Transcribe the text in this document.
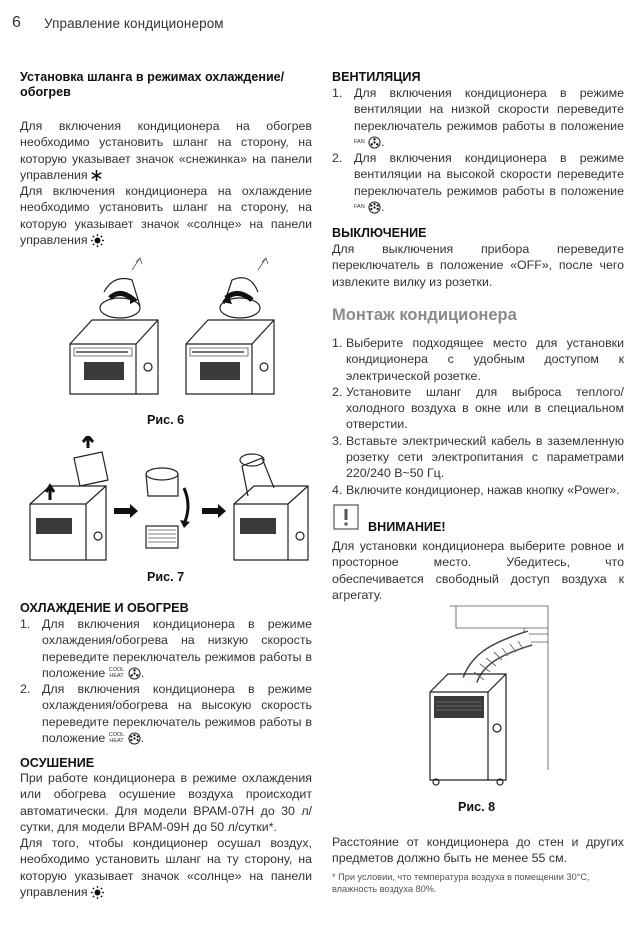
6 Управление кондиционером
Установка шланга в режимах охлаждение/обогрев

Для включения кондиционера на обогрев необходимо установить шланг на сторону, на которую указывает значок «снежинка» на панели управления

Для включения кондиционера на охлаждение необходимо установить шланг на сторону, на которую указывает значок «солнце» на панели управления

Рис. 6
Рис. 7
ОХЛАЖДЕНИЕ И ОБОГРЕВ
1. Для включения кондиционера в режиме охлаждения/обогрева на низкую скорость переведите переключатель режимов работы в положение COOL
HEAT .
2. Для включения кондиционера в режиме охлаждения/обогрева на высокую скорость переведите переключатель режимов работы в положение COOL
HEAT .
ОСУШЕНИЕ

При работе кондиционера в режиме охлаждения или обогрева осушение воздуха происходит автоматически. Для модели BPAM-07H до 30 л/сутки, для модели BPAM-09H до 50 л/сутки*.

Для того, чтобы кондиционер осушал воздух, необходимо установить шланг на ту сторону, на которую указывает значок «солнце» на панели управления

ВЕНТИЛЯЦИЯ
1. Для включения кондиционера в режиме вентиляции на низкой скорости переведите переключатель режимов работы в положение FAN .
2. Для включения кондиционера в режиме вентиляции на высокой скорости переведите переключатель режимов работы в положение FAN .
ВЫКЛЮЧЕНИЕ
Для выключения прибора переведите переключатель в положение «OFF», после чего извлеките вилку из розетки.
Монтаж кондиционера
1. Выберите подходящее место для установки кондиционера с удобным доступом к электрической розетке.
2. Установите шланг для выброса теплого/холодного воздуха в окне или в специальном отверстии.
3. Вставьте электрический кабель в заземленную розетку сети электропитания с параметрами 220/240 В~50 Гц.
4. Включите кондиционер, нажав кнопку «Power».
ВНИМАНИЕ!
Для установки кондиционера выберите ровное и просторное место. Убедитесь, что обеспечивается свободный доступ воздуха к агрегату.
Рис. 8
Расстояние от кондиционера до стен и других предметов должно быть не менее 55 см.
* При условии, что температура воздуха в помещении 30°С, влажность воздуха 80%.
